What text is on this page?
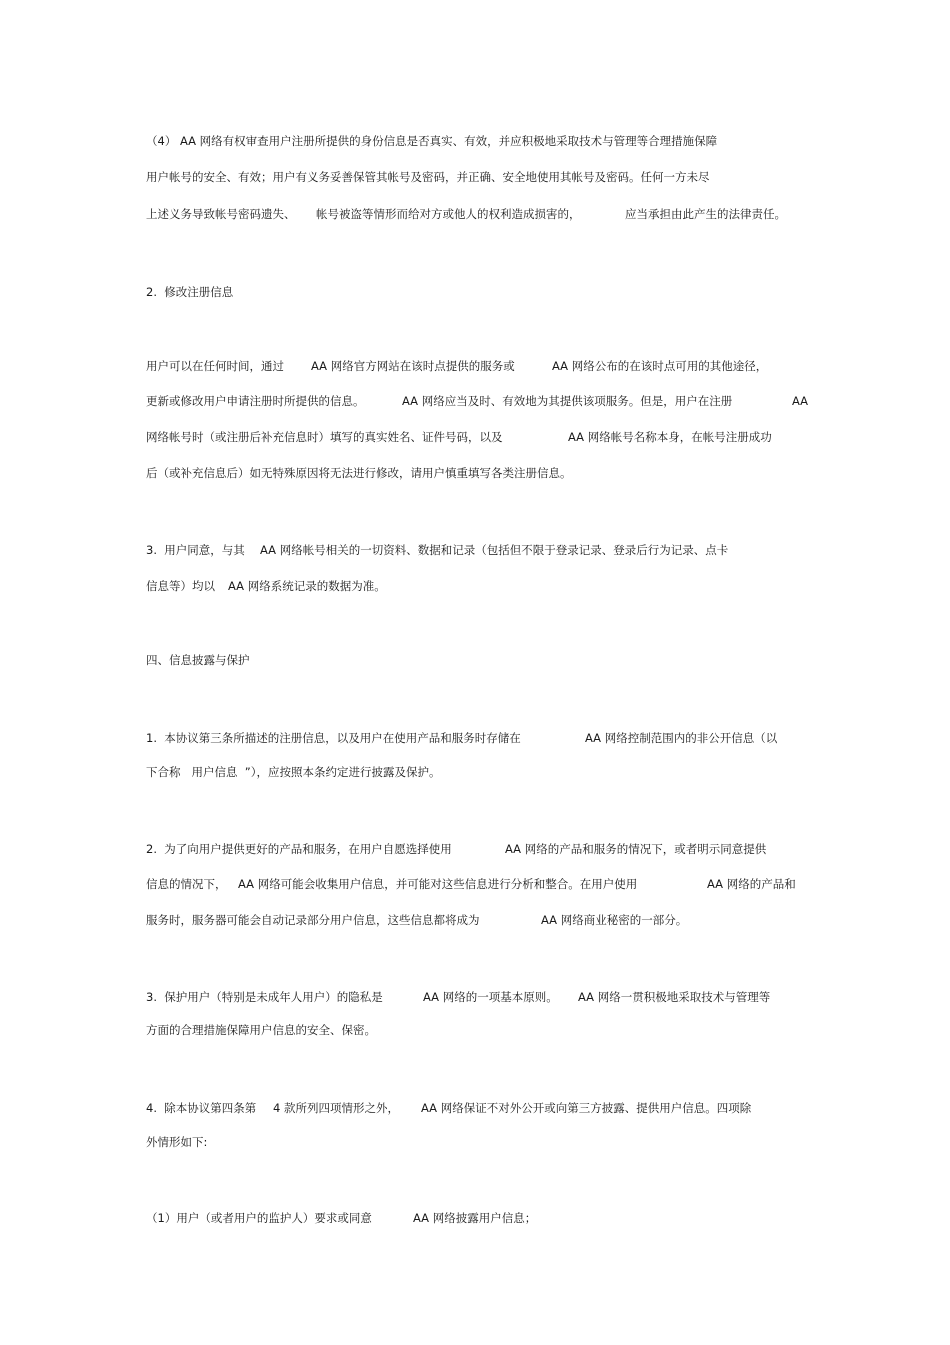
（4） AA 网络有权审查用户注册所提供的身份信息是否真实、有效，并应积极地采取技术与管理等合理措施保障

用户帐号的安全、有效；用户有义务妥善保管其帐号及密码，并正确、安全地使用其帐号及密码。任何一方未尽

上述义务导致帐号密码遗失、

帐号被盗等情形而给对方或他人的权利造成损害的，

	应当承担由此产生的法律责任。

2.  修改注册信息

用户可以在任何时间，通过

AA 网络官方网站在该时点提供的服务或

	AA 网络公布的在该时点可用的其他途径，

更新或修改用户申请注册时所提供的信息。

	AA 网络应当及时、有效地为其提供该项服务。但是，用户在注册

	AA

网络帐号时（或注册后补充信息时）填写的真实姓名、证件号码，以及

	AA 网络帐号名称本身，在帐号注册成功

后（或补充信息后）如无特殊原因将无法进行修改，请用户慎重填写各类注册信息。

3.  用户同意，与其

AA 网络帐号相关的一切资料、数据和记录（包括但不限于登录记录、登录后行为记录、点卡

信息等）均以

AA 网络系统记录的数据为准。

四、信息披露与保护

1.  本协议第三条所描述的注册信息，以及用户在使用产品和服务时存储在

	AA 网络控制范围内的非公开信息（以

下合称   用户信息  ”），应按照本条约定进行披露及保护。

2.  为了向用户提供更好的产品和服务，在用户自愿选择使用

	AA 网络的产品和服务的情况下，或者明示同意提供

信息的情况下，

AA 网络可能会收集用户信息，并可能对这些信息进行分析和整合。在用户使用

	AA 网络的产品和

服务时，服务器可能会自动记录部分用户信息，这些信息都将成为

	AA 网络商业秘密的一部分。

3.  保护用户（特别是未成年人用户）的隐私是

	AA 网络的一项基本原则。

AA 网络一贯积极地采取技术与管理等

方面的合理措施保障用户信息的安全、保密。

4.  除本协议第四条第

4 款所列四项情形之外，

AA 网络保证不对外公开或向第三方披露、提供用户信息。四项除

外情形如下:

（1）用户（或者用户的监护人）要求或同意

	AA 网络披露用户信息；
